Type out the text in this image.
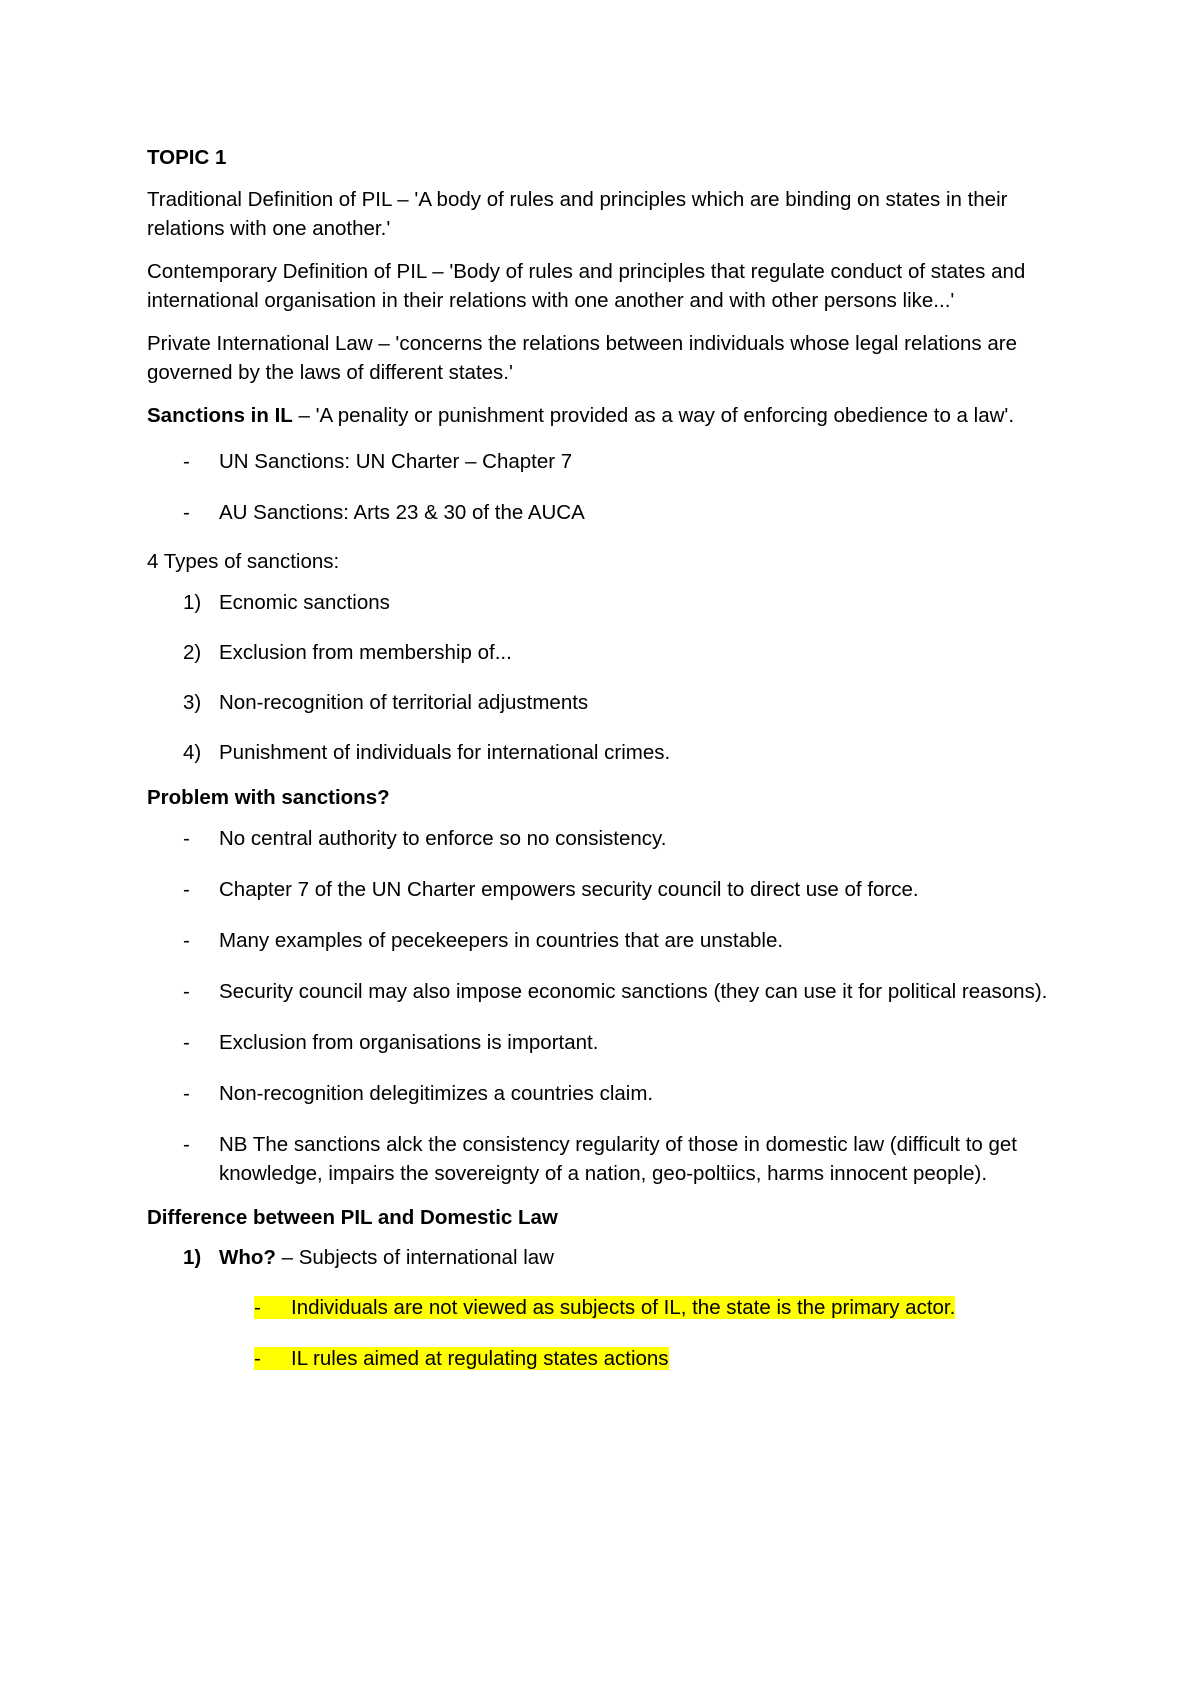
TOPIC 1

Traditional Definition of PIL – 'A body of rules and principles which are binding on states in their relations with one another.'

Contemporary Definition of PIL – 'Body of rules and principles that regulate conduct of states and international organisation in their relations with one another and with other persons like...'

Private International Law – 'concerns the relations between individuals whose legal relations are governed by the laws of different states.'

Sanctions in IL – 'A penality or punishment provided as a way of enforcing obedience to a law'.

- UN Sanctions: UN Charter – Chapter 7
- AU Sanctions: Arts 23 & 30 of the AUCA

4 Types of sanctions:

1) Ecnomic sanctions
2) Exclusion from membership of...
3) Non-recognition of territorial adjustments
4) Punishment of individuals for international crimes.

Problem with sanctions?

- No central authority to enforce so no consistency.
- Chapter 7 of the UN Charter empowers security council to direct use of force.
- Many examples of pecekeepers in countries that are unstable.
- Security council may also impose economic sanctions (they can use it for political reasons).
- Exclusion from organisations is important.
- Non-recognition delegitimizes a countries claim.
- NB The sanctions alck the consistency regularity of those in domestic law (difficult to get knowledge, impairs the sovereignty of a nation, geo-poltiics, harms innocent people).

Difference between PIL and Domestic Law

1) Who? – Subjects of international law
- Individuals are not viewed as subjects of IL, the state is the primary actor.
- IL rules aimed at regulating states actions
